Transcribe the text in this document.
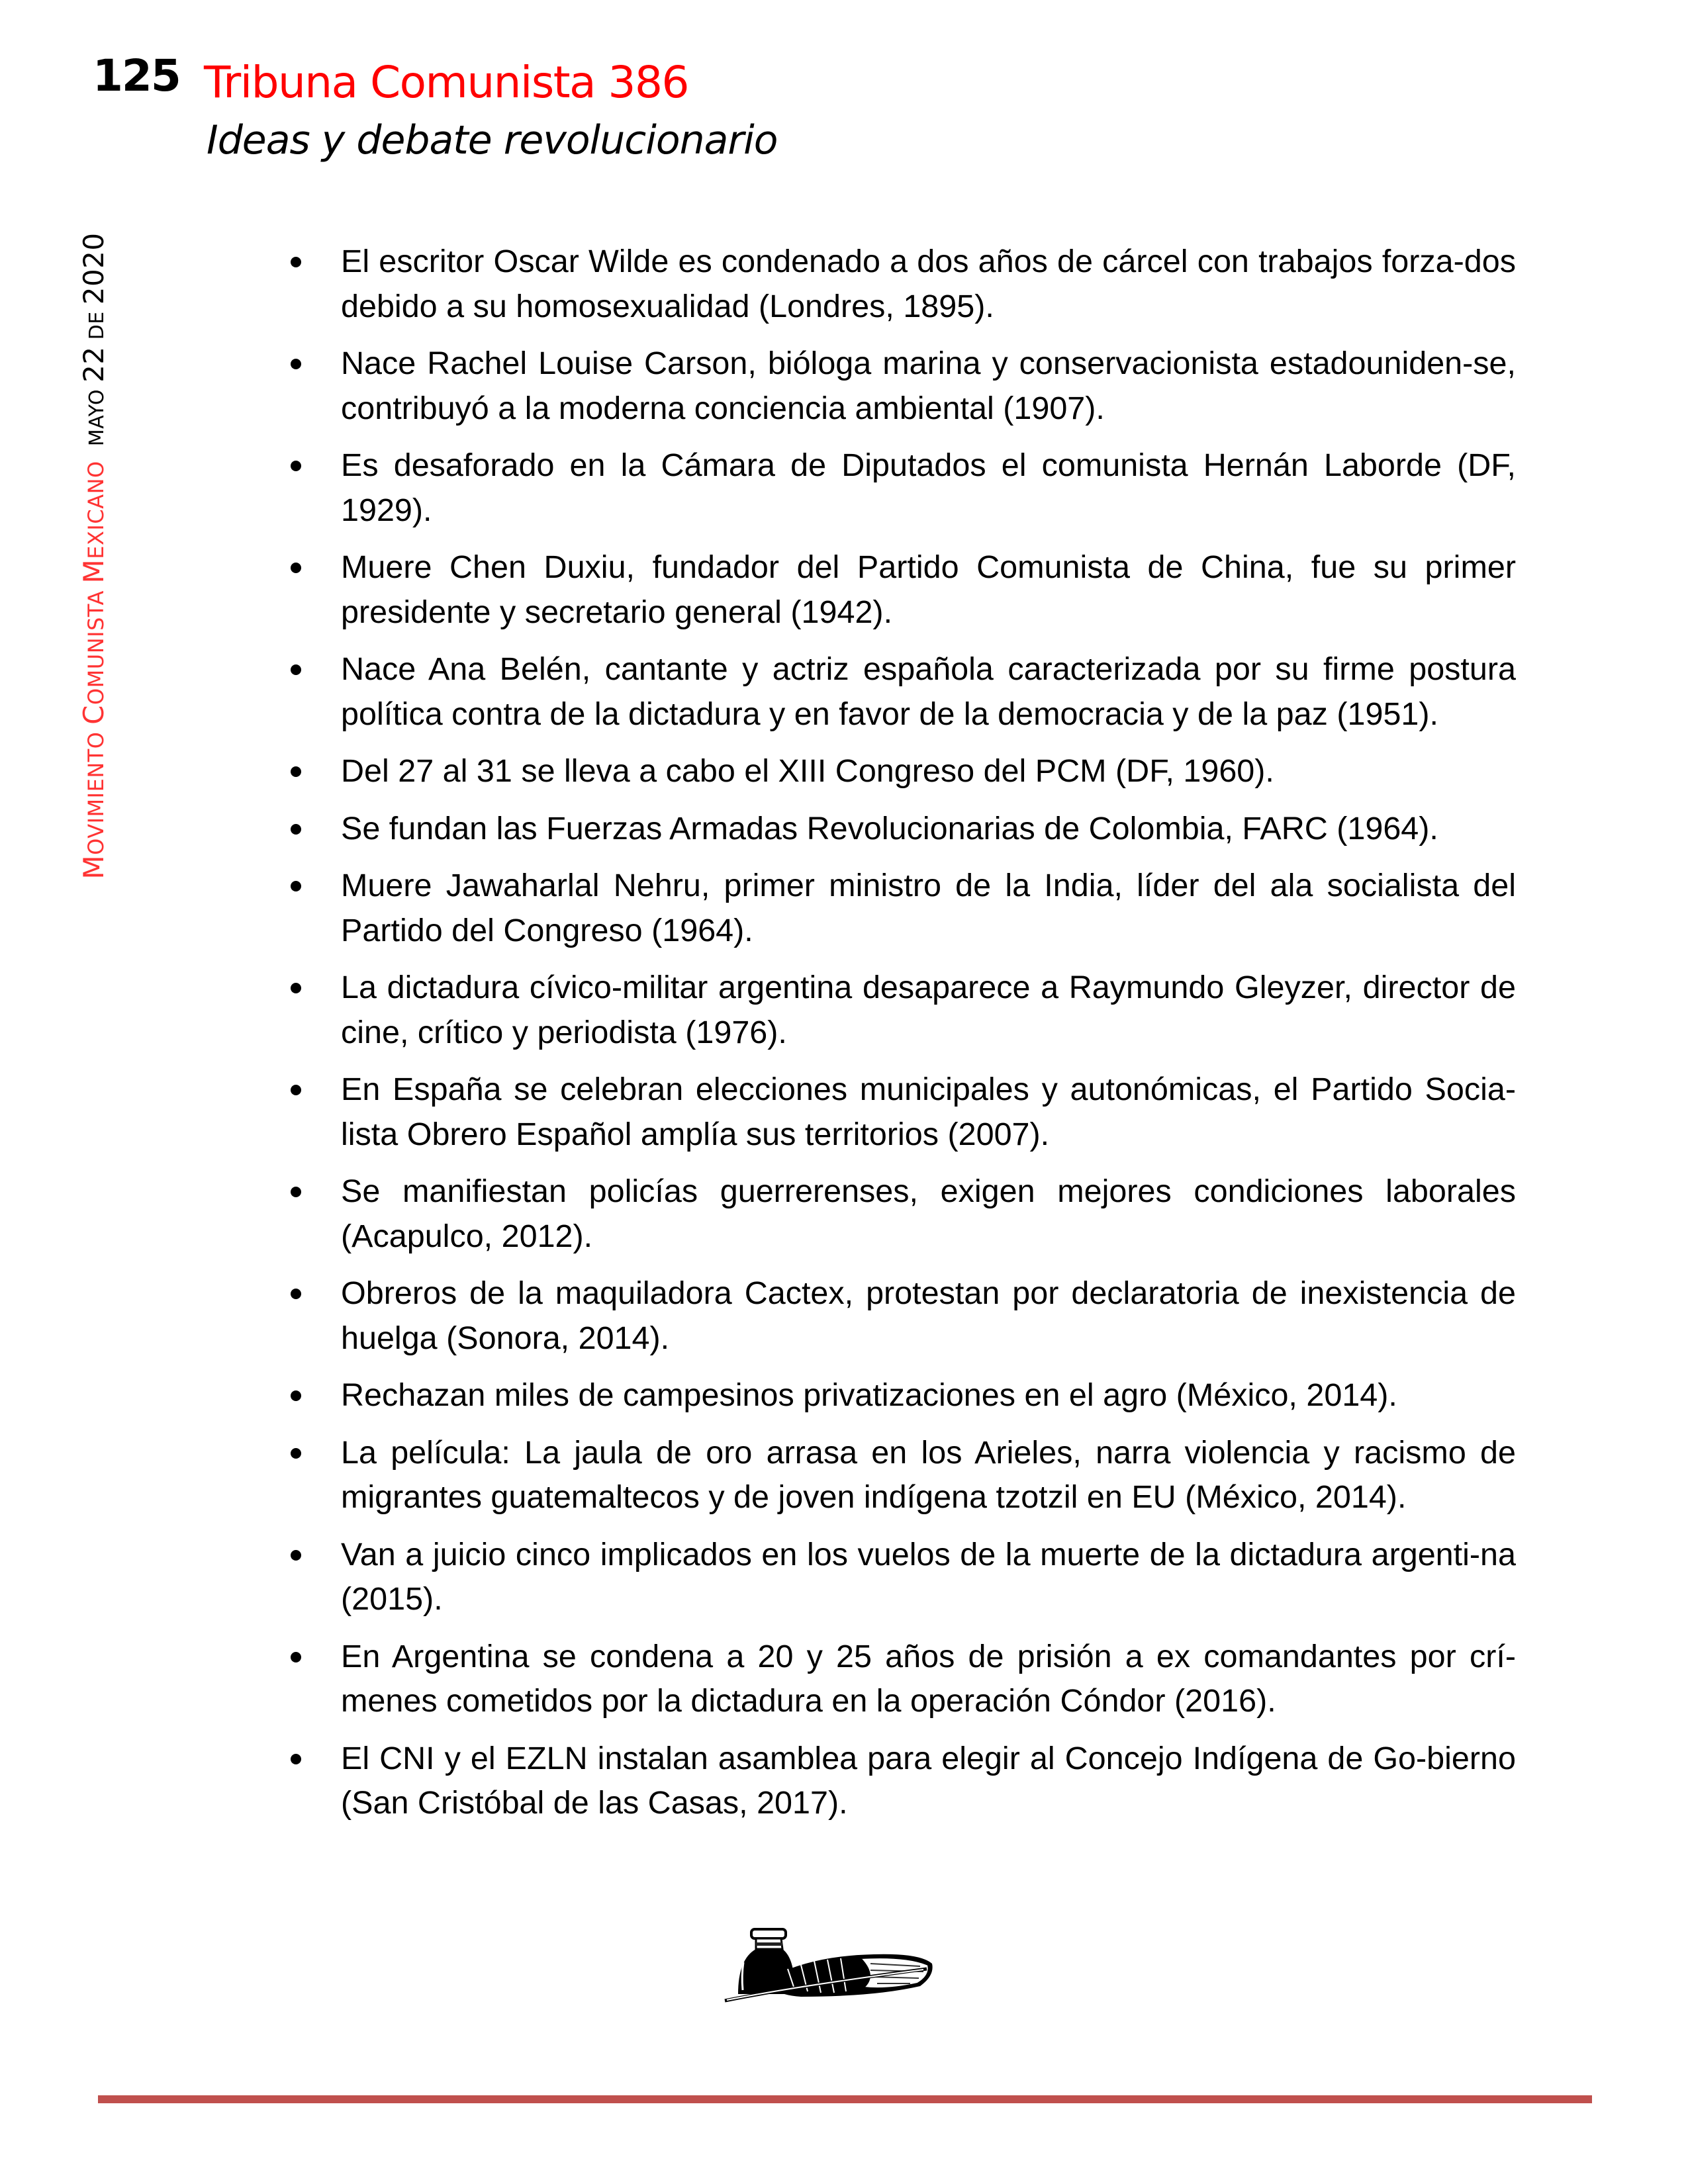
125 Tribuna Comunista 386
Ideas y debate revolucionario
MOVIMIENTO COMUNISTA MEXICANO
MAYO 22 DE 2020	El escritor Oscar Wilde es condenado a dos años de cárcel con trabajos forza-dos debido a su homosexualidad (Londres, 1895).
Nace Rachel Louise Carson, bióloga marina y conservacionista estadouniden-se, contribuyó a la moderna conciencia ambiental (1907).
Es desaforado en la Cámara de Diputados el comunista Hernán Laborde (DF, 1929).
Muere Chen Duxiu, fundador del Partido Comunista de China, fue su primer presidente y secretario general (1942).
Nace Ana Belén, cantante y actriz española caracterizada por su firme postura política contra de la dictadura y en favor de la democracia y de la paz (1951).
Del 27 al 31 se lleva a cabo el XIII Congreso del PCM (DF, 1960).
Se fundan las Fuerzas Armadas Revolucionarias de Colombia, FARC (1964).
Muere Jawaharlal Nehru, primer ministro de la India, líder del ala socialista del Partido del Congreso (1964).
La dictadura cívico-militar argentina desaparece a Raymundo Gleyzer, director de cine, crítico y periodista (1976).
En España se celebran elecciones municipales y autonómicas, el Partido Socia-lista Obrero Español amplía sus territorios (2007).
Se manifiestan policías guerrerenses, exigen mejores condiciones laborales (Acapulco, 2012).
Obreros de la maquiladora Cactex, protestan por declaratoria de inexistencia de huelga (Sonora, 2014).
Rechazan miles de campesinos privatizaciones en el agro (México, 2014).
La película: La jaula de oro arrasa en los Arieles, narra violencia y racismo de migrantes guatemaltecos y de joven indígena tzotzil en EU (México, 2014).
Van a juicio cinco implicados en los vuelos de la muerte de la dictadura argenti-na (2015).
En Argentina se condena a 20 y 25 años de prisión a ex comandantes por crí-menes cometidos por la dictadura en la operación Cóndor (2016).
El CNI y el EZLN instalan asamblea para elegir al Concejo Indígena de Go-bierno (San Cristóbal de las Casas, 2017).
